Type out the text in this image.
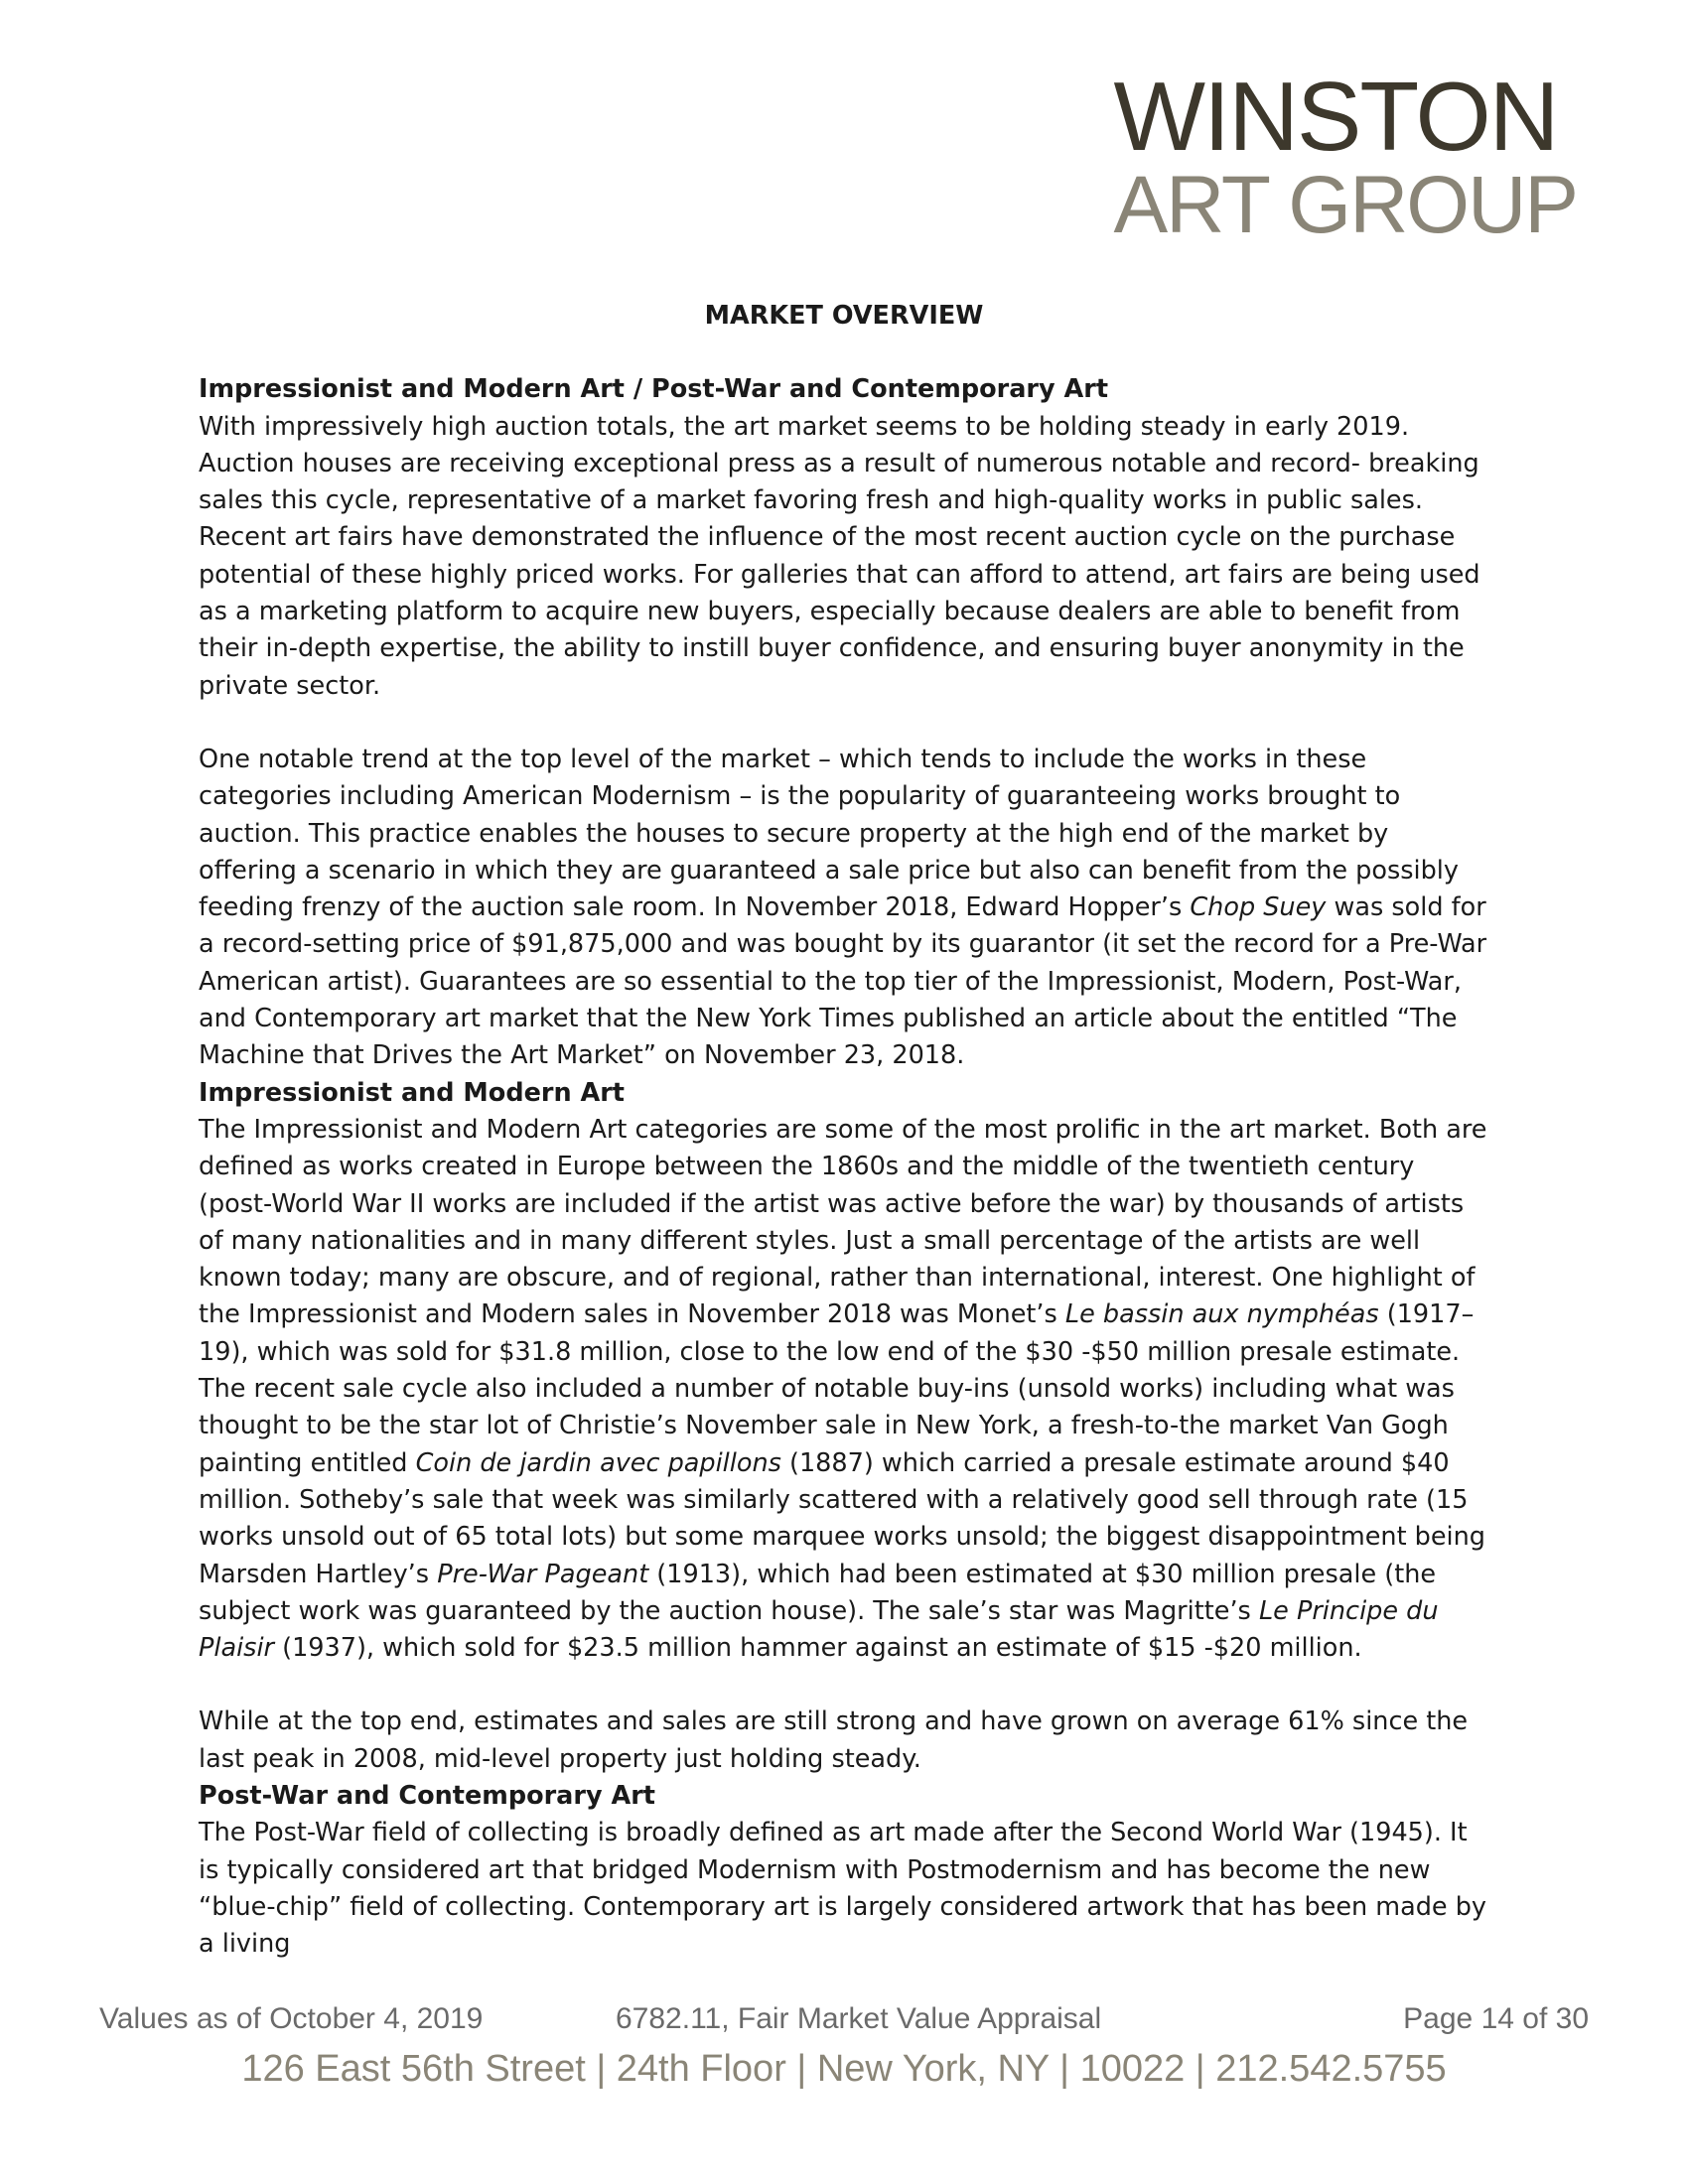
WINSTON
ART GROUP
MARKET OVERVIEW
Impressionist and Modern Art / Post-War and Contemporary Art
With impressively high auction totals, the art market seems to be holding steady in early 2019. Auction houses are receiving exceptional press as a result of numerous notable and record- breaking sales this cycle, representative of a market favoring fresh and high-quality works in public sales. Recent art fairs have demonstrated the influence of the most recent auction cycle on the purchase potential of these highly priced works. For galleries that can afford to attend, art fairs are being used as a marketing platform to acquire new buyers, especially because dealers are able to benefit from their in-depth expertise, the ability to instill buyer confidence, and ensuring buyer anonymity in the private sector.
One notable trend at the top level of the market – which tends to include the works in these categories including American Modernism – is the popularity of guaranteeing works brought to auction. This practice enables the houses to secure property at the high end of the market by offering a scenario in which they are guaranteed a sale price but also can benefit from the possibly feeding frenzy of the auction sale room. In November 2018, Edward Hopper’s Chop Suey was sold for a record-setting price of $91,875,000 and was bought by its guarantor (it set the record for a Pre-War American artist). Guarantees are so essential to the top tier of the Impressionist, Modern, Post-War, and Contemporary art market that the New York Times published an article about the entitled “The Machine that Drives the Art Market” on November 23, 2018.
Impressionist and Modern Art
The Impressionist and Modern Art categories are some of the most prolific in the art market. Both are defined as works created in Europe between the 1860s and the middle of the twentieth century (post-World War II works are included if the artist was active before the war) by thousands of artists of many nationalities and in many different styles. Just a small percentage of the artists are well known today; many are obscure, and of regional, rather than international, interest. One highlight of the Impressionist and Modern sales in November 2018 was Monet’s Le bassin aux nymphéas (1917–19), which was sold for $31.8 million, close to the low end of the $30 -$50 million presale estimate. The recent sale cycle also included a number of notable buy-ins (unsold works) including what was thought to be the star lot of Christie’s November sale in New York, a fresh-to-the market Van Gogh painting entitled Coin de jardin avec papillons (1887) which carried a presale estimate around $40 million. Sotheby’s sale that week was similarly scattered with a relatively good sell through rate (15 works unsold out of 65 total lots) but some marquee works unsold; the biggest disappointment being Marsden Hartley’s Pre-War Pageant (1913), which had been estimated at $30 million presale (the subject work was guaranteed by the auction house). The sale’s star was Magritte’s Le Principe du Plaisir (1937), which sold for $23.5 million hammer against an estimate of $15 -$20 million.
While at the top end, estimates and sales are still strong and have grown on average 61% since the last peak in 2008, mid-level property just holding steady.
Post-War and Contemporary Art
The Post-War field of collecting is broadly defined as art made after the Second World War (1945). It is typically considered art that bridged Modernism with Postmodernism and has become the new “blue-chip” field of collecting. Contemporary art is largely considered artwork that has been made by a living
Values as of October 4, 2019	6782.11, Fair Market Value Appraisal	Page 14 of 30
126 East 56th Street | 24th Floor | New York, NY | 10022 | 212.542.5755
